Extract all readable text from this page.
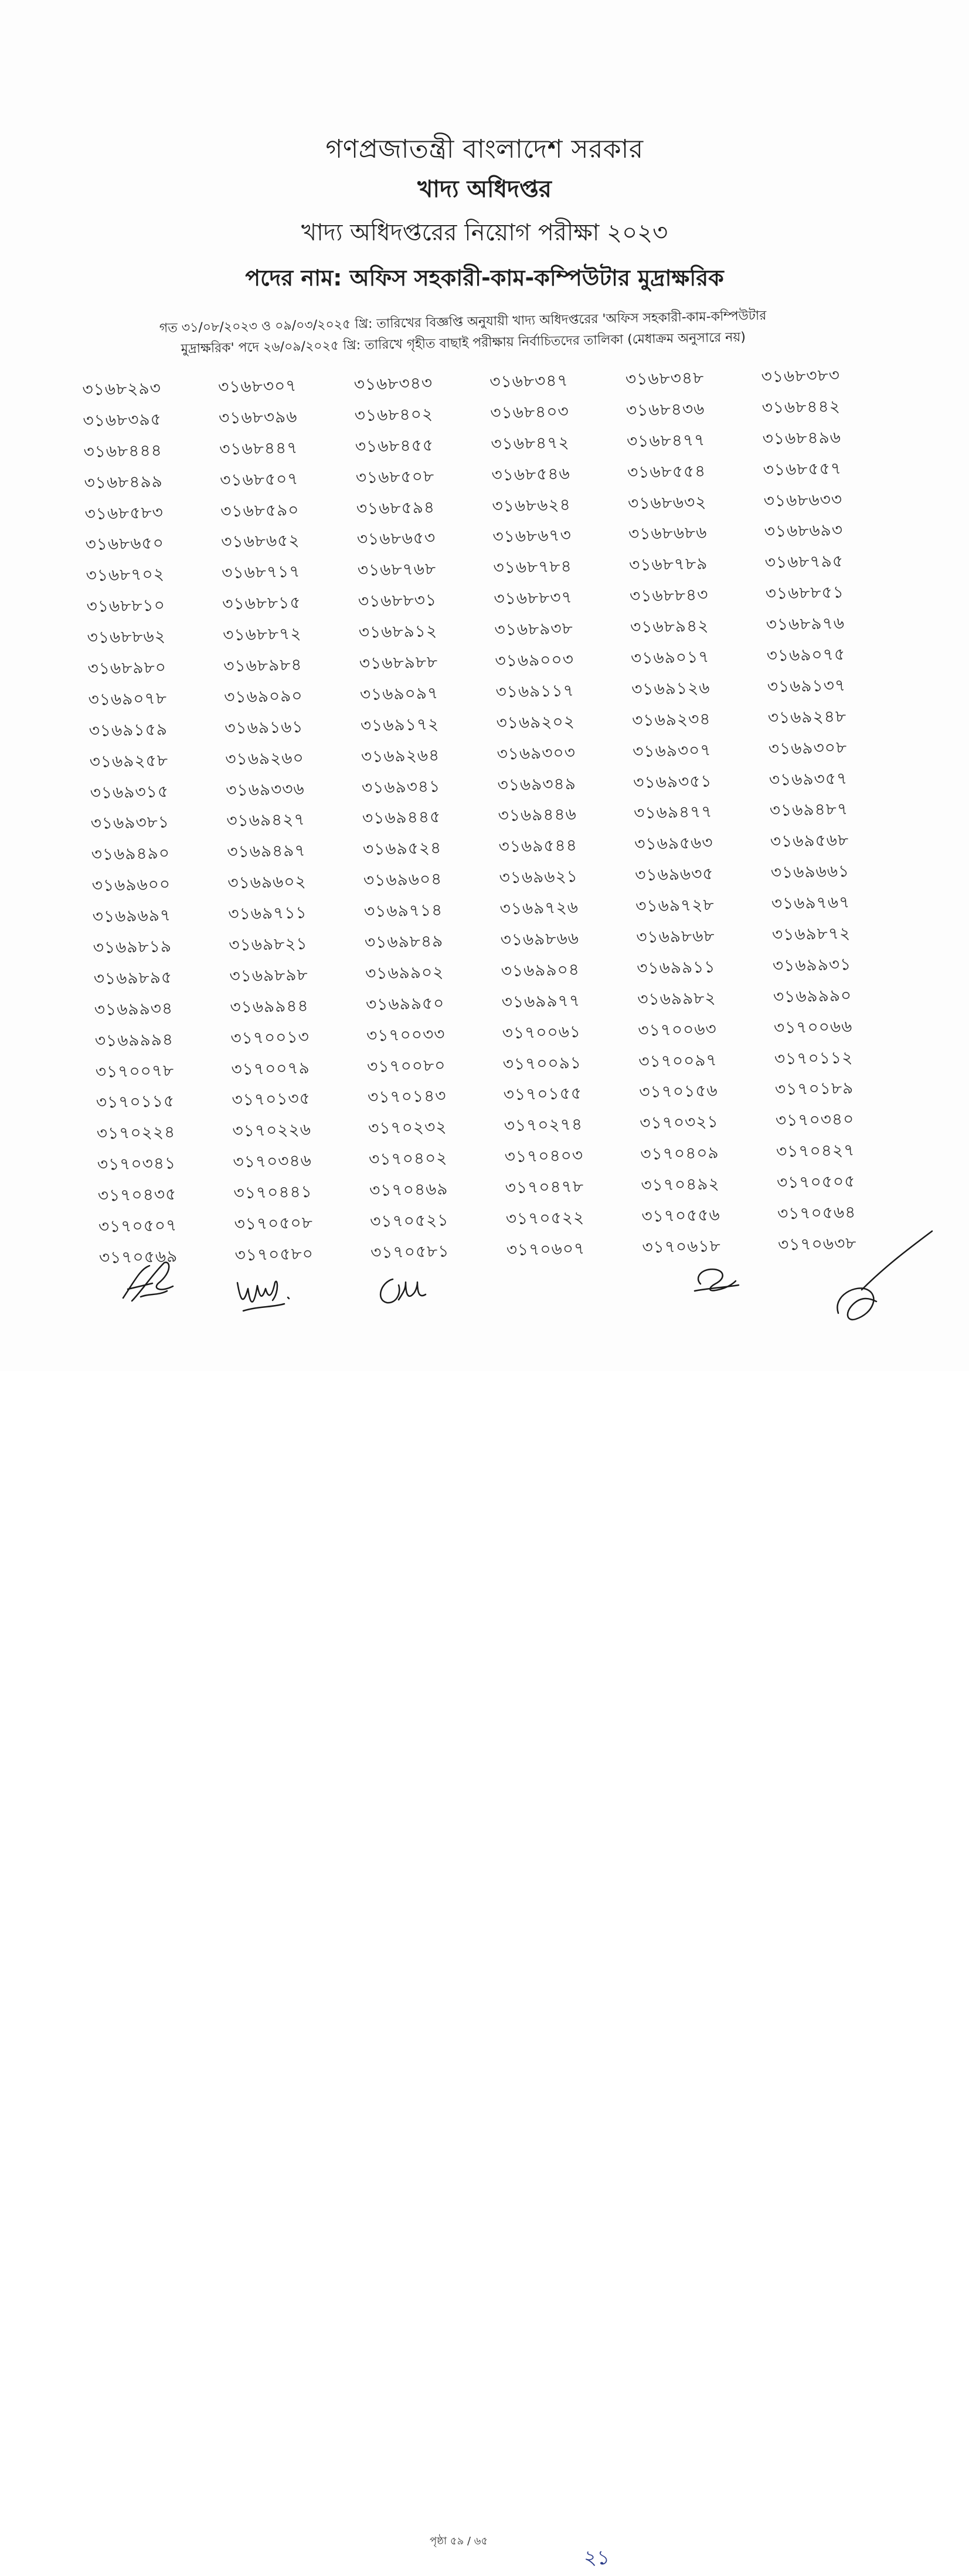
গণপ্রজাতন্ত্রী বাংলাদেশ সরকার

খাদ্য অধিদপ্তর

খাদ্য অধিদপ্তরের নিয়োগ পরীক্ষা ২০২৩

পদের নাম: অফিস সহকারী-কাম-কম্পিউটার মুদ্রাক্ষরিক

গত ৩১/০৮/২০২৩ ও ০৯/০৩/২০২৫ খ্রি: তারিখের বিজ্ঞপ্তি অনুযায়ী খাদ্য অধিদপ্তরের 'অফিস সহকারী-কাম-কম্পিউটার

মুদ্রাক্ষরিক' পদে ২৬/০৯/২০২৫ খ্রি: তারিখে গৃহীত বাছাই পরীক্ষায় নির্বাচিতদের তালিকা (মেধাক্রম অনুসারে নয়)

৩১৬৮২৯৩	৩১৬৮৩০৭	৩১৬৮৩৪৩	৩১৬৮৩৪৭	৩১৬৮৩৪৮	৩১৬৮৩৮৩
৩১৬৮৩৯৫	৩১৬৮৩৯৬	৩১৬৮৪০২	৩১৬৮৪০৩	৩১৬৮৪৩৬	৩১৬৮৪৪২
৩১৬৮৪৪৪	৩১৬৮৪৪৭	৩১৬৮৪৫৫	৩১৬৮৪৭২	৩১৬৮৪৭৭	৩১৬৮৪৯৬
৩১৬৮৪৯৯	৩১৬৮৫০৭	৩১৬৮৫০৮	৩১৬৮৫৪৬	৩১৬৮৫৫৪	৩১৬৮৫৫৭
৩১৬৮৫৮৩	৩১৬৮৫৯০	৩১৬৮৫৯৪	৩১৬৮৬২৪	৩১৬৮৬৩২	৩১৬৮৬৩৩
৩১৬৮৬৫০	৩১৬৮৬৫২	৩১৬৮৬৫৩	৩১৬৮৬৭৩	৩১৬৮৬৮৬	৩১৬৮৬৯৩
৩১৬৮৭০২	৩১৬৮৭১৭	৩১৬৮৭৬৮	৩১৬৮৭৮৪	৩১৬৮৭৮৯	৩১৬৮৭৯৫
৩১৬৮৮১০	৩১৬৮৮১৫	৩১৬৮৮৩১	৩১৬৮৮৩৭	৩১৬৮৮৪৩	৩১৬৮৮৫১
৩১৬৮৮৬২	৩১৬৮৮৭২	৩১৬৮৯১২	৩১৬৮৯৩৮	৩১৬৮৯৪২	৩১৬৮৯৭৬
৩১৬৮৯৮০	৩১৬৮৯৮৪	৩১৬৮৯৮৮	৩১৬৯০০৩	৩১৬৯০১৭	৩১৬৯০৭৫
৩১৬৯০৭৮	৩১৬৯০৯০	৩১৬৯০৯৭	৩১৬৯১১৭	৩১৬৯১২৬	৩১৬৯১৩৭
৩১৬৯১৫৯	৩১৬৯১৬১	৩১৬৯১৭২	৩১৬৯২০২	৩১৬৯২৩৪	৩১৬৯২৪৮
৩১৬৯২৫৮	৩১৬৯২৬০	৩১৬৯২৬৪	৩১৬৯৩০৩	৩১৬৯৩০৭	৩১৬৯৩০৮
৩১৬৯৩১৫	৩১৬৯৩৩৬	৩১৬৯৩৪১	৩১৬৯৩৪৯	৩১৬৯৩৫১	৩১৬৯৩৫৭
৩১৬৯৩৮১	৩১৬৯৪২৭	৩১৬৯৪৪৫	৩১৬৯৪৪৬	৩১৬৯৪৭৭	৩১৬৯৪৮৭
৩১৬৯৪৯০	৩১৬৯৪৯৭	৩১৬৯৫২৪	৩১৬৯৫৪৪	৩১৬৯৫৬৩	৩১৬৯৫৬৮
৩১৬৯৬০০	৩১৬৯৬০২	৩১৬৯৬০৪	৩১৬৯৬২১	৩১৬৯৬৩৫	৩১৬৯৬৬১
৩১৬৯৬৯৭	৩১৬৯৭১১	৩১৬৯৭১৪	৩১৬৯৭২৬	৩১৬৯৭২৮	৩১৬৯৭৬৭
৩১৬৯৮১৯	৩১৬৯৮২১	৩১৬৯৮৪৯	৩১৬৯৮৬৬	৩১৬৯৮৬৮	৩১৬৯৮৭২
৩১৬৯৮৯৫	৩১৬৯৮৯৮	৩১৬৯৯০২	৩১৬৯৯০৪	৩১৬৯৯১১	৩১৬৯৯৩১
৩১৬৯৯৩৪	৩১৬৯৯৪৪	৩১৬৯৯৫০	৩১৬৯৯৭৭	৩১৬৯৯৮২	৩১৬৯৯৯০
৩১৬৯৯৯৪	৩১৭০০১৩	৩১৭০০৩৩	৩১৭০০৬১	৩১৭০০৬৩	৩১৭০০৬৬
৩১৭০০৭৮	৩১৭০০৭৯	৩১৭০০৮০	৩১৭০০৯১	৩১৭০০৯৭	৩১৭০১১২
৩১৭০১১৫	৩১৭০১৩৫	৩১৭০১৪৩	৩১৭০১৫৫	৩১৭০১৫৬	৩১৭০১৮৯
৩১৭০২২৪	৩১৭০২২৬	৩১৭০২৩২	৩১৭০২৭৪	৩১৭০৩২১	৩১৭০৩৪০
৩১৭০৩৪১	৩১৭০৩৪৬	৩১৭০৪০২	৩১৭০৪০৩	৩১৭০৪০৯	৩১৭০৪২৭
৩১৭০৪৩৫	৩১৭০৪৪১	৩১৭০৪৬৯	৩১৭০৪৭৮	৩১৭০৪৯২	৩১৭০৫০৫
৩১৭০৫০৭	৩১৭০৫০৮	৩১৭০৫২১	৩১৭০৫২২	৩১৭০৫৫৬	৩১৭০৫৬৪
৩১৭০৫৬৯	৩১৭০৫৮০	৩১৭০৫৮১	৩১৭০৬০৭	৩১৭০৬১৮	৩১৭০৬৩৮
পৃষ্ঠা ৫৯ / ৬৫
২১
